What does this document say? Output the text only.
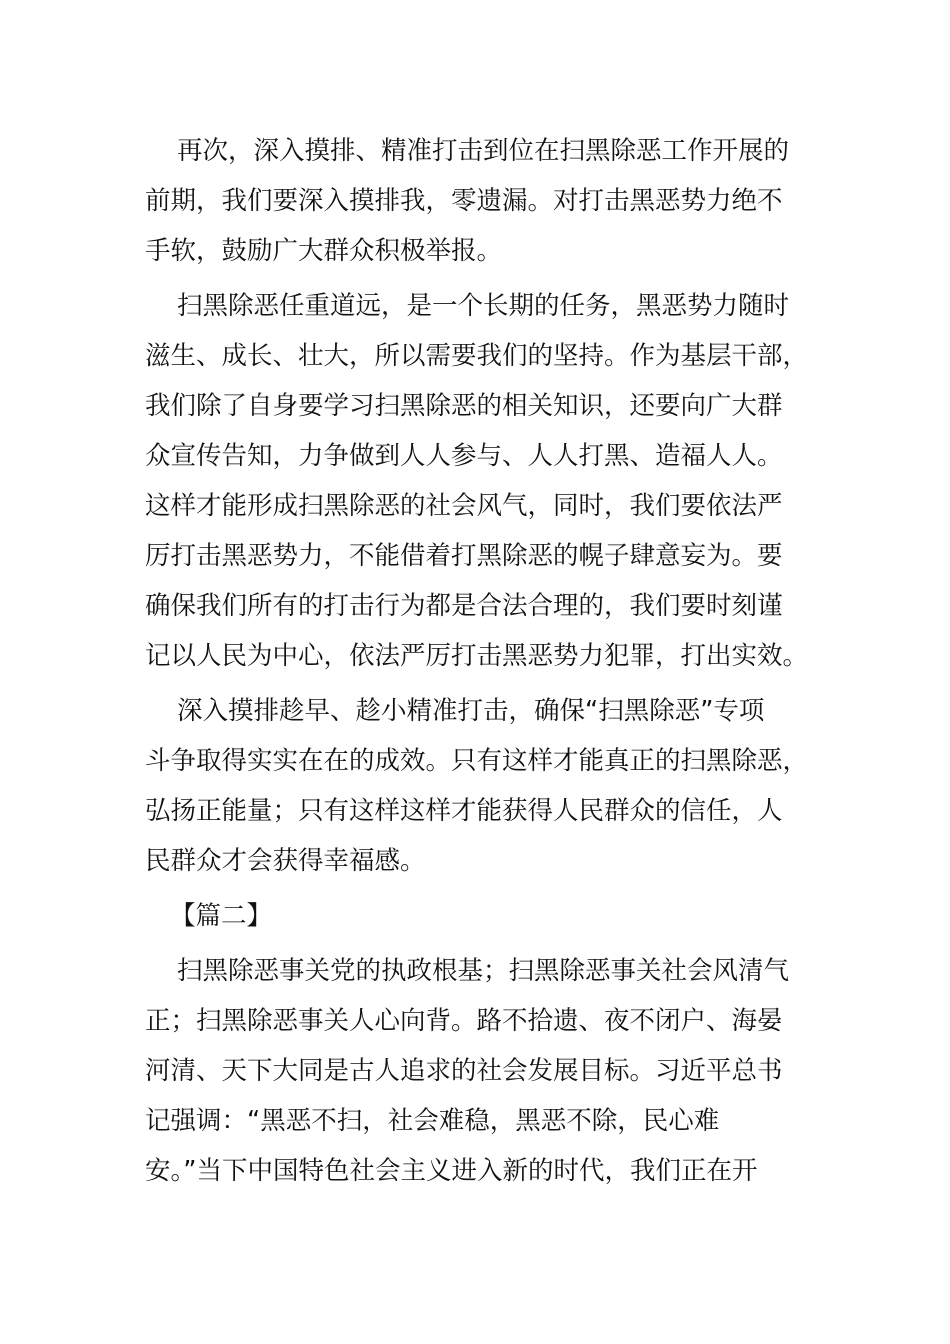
再次，深入摸排、精准打击到位在扫黑除恶工作开展的
前期，我们要深入摸排我，零遗漏。对打击黑恶势力绝不
手软，鼓励广大群众积极举报。
扫黑除恶任重道远，是一个长期的任务，黑恶势力随时
滋生、成长、壮大，所以需要我们的坚持。作为基层干部，
我们除了自身要学习扫黑除恶的相关知识，还要向广大群
众宣传告知，力争做到人人参与、人人打黑、造福人人。
这样才能形成扫黑除恶的社会风气，同时，我们要依法严
厉打击黑恶势力，不能借着打黑除恶的幌子肆意妄为。要
确保我们所有的打击行为都是合法合理的，我们要时刻谨
记以人民为中心，依法严厉打击黑恶势力犯罪，打出实效。
深入摸排趁早、趁小精准打击，确保“扫黑除恶”专项
斗争取得实实在在的成效。只有这样才能真正的扫黑除恶，
弘扬正能量；只有这样这样才能获得人民群众的信任，人
民群众才会获得幸福感。
【篇二】
扫黑除恶事关党的执政根基；扫黑除恶事关社会风清气
正；扫黑除恶事关人心向背。路不拾遗、夜不闭户、海晏
河清、天下大同是古人追求的社会发展目标。习近平总书
记强调：“黑恶不扫，社会难稳，黑恶不除，民心难
安。”当下中国特色社会主义进入新的时代，我们正在开
